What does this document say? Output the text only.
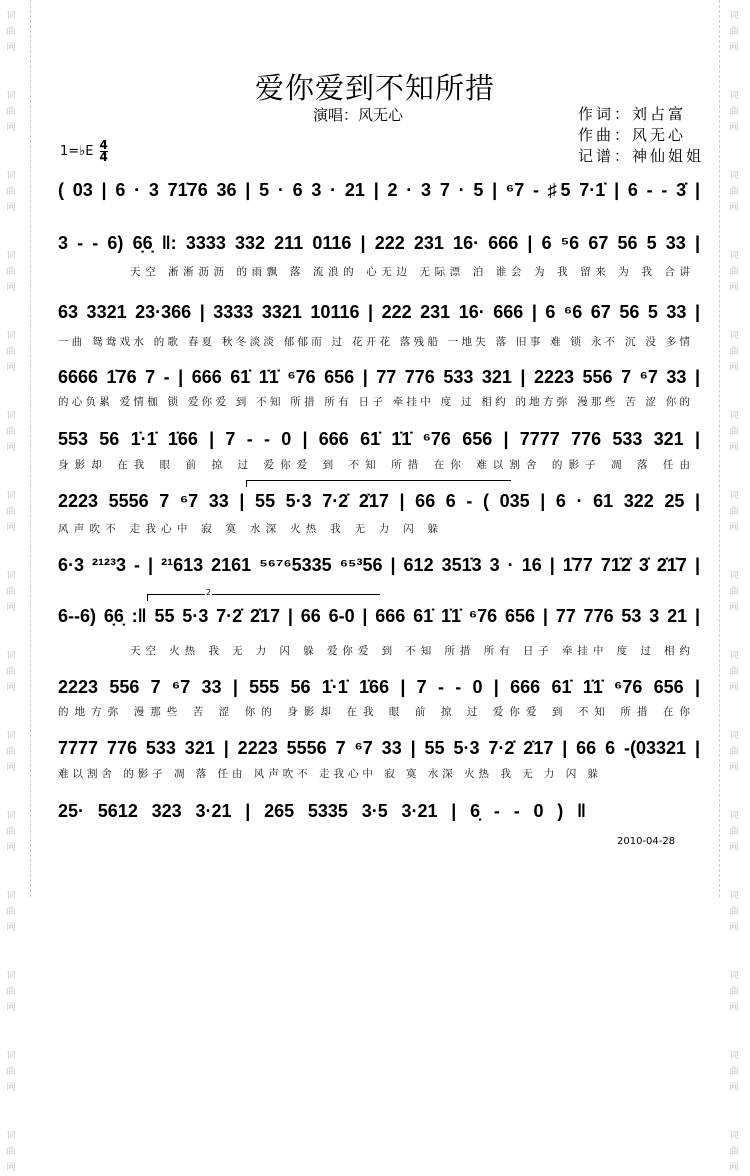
词
曲
网

词
曲
网

词
曲
网

词
曲
网

词
曲
网

词
曲
网

词
曲
网

词
曲
网

词
曲
网

词
曲
网

词
曲
网

词
曲
网

词
曲
网

词
曲
网

词
曲
网
词
曲
网

词
曲
网

词
曲
网

词
曲
网

词
曲
网

词
曲
网

词
曲
网

词
曲
网

词
曲
网

词
曲
网

词
曲
网

词
曲
网

词
曲
网

词
曲
网

词
曲
网
爱你爱到不知所措
演唱：风无心	作词：刘占富
作曲：风无心
记谱：神仙姐姐
1=♭E $\frac{4}{4}$
( 03 | 6 · 3 71̇76 36 | 5 · 6 3 · 21 | 2 · 3 7 · 5 | ⁶7 - ♯5 7·1̇ | 6 - - 3̇ |
3 - - 6) 6̣6̣ ‖: 3333 332 211 0116 | 222 231 16· 666 | 6 ⁵6 67 56 5 33 |
天空 淅淅沥沥 的雨飘 落 流浪的 心无边 无际漂 泊 谁会 为 我 留来 为 我 合讲
63 3321 23·366 | 3333 3321 10116 | 222 231 16· 666 | 6 ⁶6 67 56 5 33 |
一曲 鸳鸯戏水 的歌 春夏 秋冬淡淡 郁郁而 过 花开花 落残船 一地失 落 旧事 难 锁 永不 沉 没 多情
6666 1̇76 7 - | 666 61̇ 1̇1̇ ⁶76 656 | 77 776 533 321 | 2223 556 7 ⁶7 33 |
的心负累 爱情枷 锁 爱你爱 到 不知 所措 所有 日子 牵挂中 度 过 相约 的地方弥 漫那些 苦 涩 你的
553 56 1̇·1̇ 1̇66 | 7 - - 0 | 666 61̇ 1̇1̇ ⁶76 656 | 7777 776 533 321 |
身影却 在我 眼 前 掠 过 爱你爱 到 不知 所措 在你 难以割舍 的影子 凋 落 任由
2223 5556 7 ⁶7 33 | 55 5·3 7·2̇ 2̇17 | 66 6 - ( 035 | 6 · 61 322 25 |
风声吹不 走我心中 寂 寞 水深 火热 我 无 力 闪 躲
6·3 ²¹²³3 - | ²¹613 2161 ⁵⁶⁷⁶5335 ⁶⁵³56 | 612 351̇3 3 · 16 | 1̇77 71̇2̇ 3̇ 2̇1̇7 |
2
6--6) 6̣6̣ :‖ 55 5·3 7·2̇ 2̇17 | 66 6-0 | 666 61̇ 1̇1̇ ⁶76 656 | 77 776 53 3 21 |
天空 火热 我 无 力 闪 躲 爱你爱 到 不知 所措 所有 日子 牵挂中 度 过 相约
2223 556 7 ⁶7 33 | 555 56 1̇·1̇ 1̇66 | 7 - - 0 | 666 61̇ 1̇1̇ ⁶76 656 |
的地方弥 漫那些 苦 涩 你的 身影却 在我 眼 前 掠 过 爱你爱 到 不知 所措 在你
7777 776 533 321 | 2223 5556 7 ⁶7 33 | 55 5·3 7·2̇ 2̇17 | 66 6 -(03321 |
难以割舍 的影子 凋 落 任由 风声吹不 走我心中 寂 寞 水深 火热 我 无 力 闪 躲
25· 5612 323 3·21 | 265 5335 3·5 3·21 | 6̣ - - 0 ) ‖
2010-04-28
